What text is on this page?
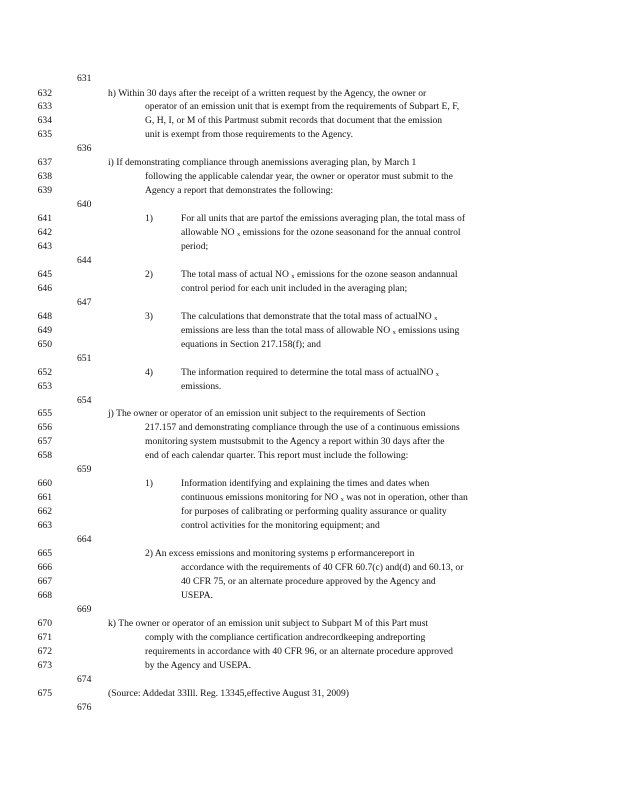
631
632	h) Within 30 days after the receipt of a written request by the Agency, the owner or
633	operator of an emission unit that is exempt from the requirements of Subpart E, F,
634	G, H, I, or M of this Partmust submit records that document that the emission
635	unit is exempt from those requirements to the Agency.
636
637	i) If demonstrating compliance through anemissions averaging plan, by March 1
638	following the applicable calendar year, the owner or operator must submit to the
639	Agency a report that demonstrates the following:
640
641	1)	For all units that are partof the emissions averaging plan, the total mass of
642	allowable NO $_x$ emissions for the ozone seasonand for the annual control
643	period;
644
645	2)	The total mass of actual NO $_x$ emissions for the ozone season andannual
646	control period for each unit included in the averaging plan;
647
648	3)	The calculations that demonstrate that the total mass of actualNO $_x$
649	emissions are less than the total mass of allowable NO $_x$ emissions using
650	equations in Section 217.158(f); and
651
652	4)	The information required to determine the total mass of actualNO $_x$
653	emissions.
654
655	j) The owner or operator of an emission unit subject to the requirements of Section
656	217.157 and demonstrating compliance through the use of a continuous emissions
657	monitoring system mustsubmit to the Agency a report within 30 days after the
658	end of each calendar quarter. This report must include the following:
659
660	1)	Information identifying and explaining the times and dates when
661	continuous emissions monitoring for NO $_x$ was not in operation, other than
662	for purposes of calibrating or performing quality assurance or quality
663	control activities for the monitoring equipment; and
664
665	2) An excess emissions and monitoring systems p erformancereport in
666	accordance with the requirements of 40 CFR 60.7(c) and(d) and 60.13, or
667	40 CFR 75, or an alternate procedure approved by the Agency and
668	USEPA.
669
670	k) The owner or operator of an emission unit subject to Subpart M of this Part must
671	comply with the compliance certification andrecordkeeping andreporting
672	requirements in accordance with 40 CFR 96, or an alternate procedure approved
673	by the Agency and USEPA.
674
675	(Source: Addedat 33Ill. Reg. 13345,effective August 31, 2009)
676
